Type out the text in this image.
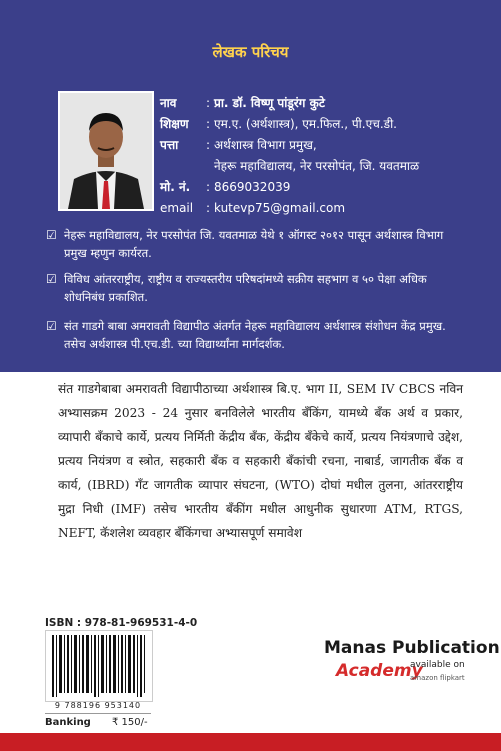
लेखक परिचय
नाव	: प्रा. डॉ. विष्णू पांडूरंग कुटे
शिक्षण	: एम.ए. (अर्थशास्त्र), एम.फिल., पी.एच.डी.
पत्ता	: अर्थशास्त्र विभाग प्रमुख,
नेहरू महाविद्यालय, नेर परसोपंत, जि. यवतमाळ
मो. नं.	: 8669032039
email	: kutevp75@gmail.com
☑ नेहरू महाविद्यालय, नेर परसोपंत जि. यवतमाळ येथे १ ऑगस्ट २०१२ पासून अर्थशास्त्र विभाग प्रमुख म्हणुन कार्यरत.
☑ विविध आंतरराष्ट्रीय, राष्ट्रीय व राज्यस्तरीय परिषदांमध्ये सक्रीय सहभाग व ५० पेक्षा अधिक शोधनिबंध प्रकाशित.
☑ संत गाडगे बाबा अमरावती विद्यापीठ अंतर्गत नेहरू महाविद्यालय अर्थशास्त्र संशोधन केंद्र प्रमुख. तसेच अर्थशास्त्र पी.एच.डी. च्या विद्यार्थ्यांना मार्गदर्शक.
संत गाडगेबाबा अमरावती विद्यापीठाच्या अर्थशास्त्र बि.ए. भाग II, SEM IV CBCS नविन अभ्यासक्रम 2023 - 24 नुसार बनविलेले भारतीय बॅंकिंग, यामध्ये बॅंक अर्थ व प्रकार, व्यापारी बॅंकाचे कार्ये, प्रत्यय निर्मिती केंद्रीय बॅंक, केंद्रीय बॅंकेचे कार्ये, प्रत्यय नियंत्रणाचे उद्देश, प्रत्यय नियंत्रण व स्त्रोत, सहकारी बॅंक व सहकारी बॅंकांची रचना, नाबार्ड, जागतीक बॅंक व कार्य, (IBRD) गॅंट जागतीक व्यापार संघटना, (WTO) दोघां मधील तुलना, आंतरराष्ट्रीय मुद्रा निधी (IMF) तसेच भारतीय बॅंकींग मधील आधुनीक सुधारणा ATM, RTGS, NEFT, कॅशलेश व्यवहार बॅंकिंगचा अभ्यासपूर्ण समावेश
ISBN : 978-81-969531-4-0
9 788196 953140
Banking ₹ 150/-
Manas Publication
Academy
available on
amazon flipkart
